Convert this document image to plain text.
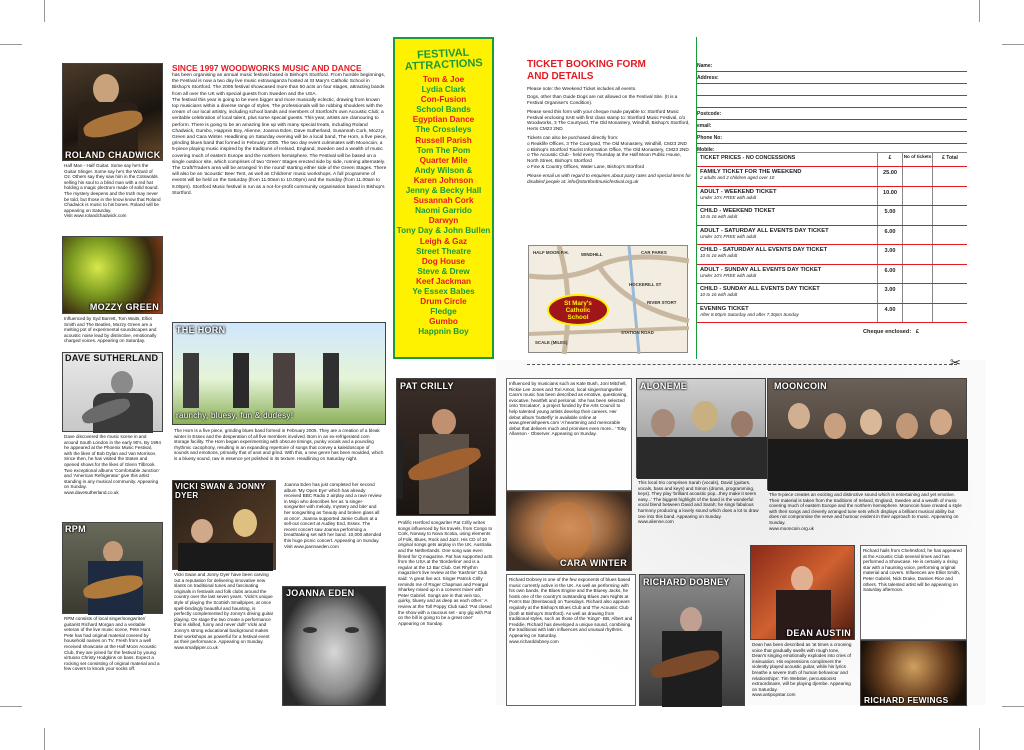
ROLAND CHADWICK
Half Man - Half Guitar. Some say he's the Guitar Slinger. Some say he's the Wizard of Oz. Others say they saw him in the Cotswolds selling his soul to a blind man with a red hat holding a magic plectrum made of solid sound. The mystery deepens and the truth may never be told, but those in the know know that Roland Chadwick is music to his bones. Roland will be appearing on Saturday.
Visit www.rolandchadwick.com
MOZZY GREEN
Influenced by Syd Barrett, Tom Waits, Elliot Smith and The Beatles, Mozzy Green are a melting pot of experimental soundscapes and acoustic noise lead by distinctive, emotionally charged voices. Appearing on Saturday.
DAVE SUTHERLAND
Dave discovered the music scene in and around South London in the early 90's. By 1994 he appeared at the Phoenix Music Festival, with the likes of Bob Dylan and Van Morrison. Since then, he has visited the States and opened shows for the likes of Glenn Tilbrook. Two exceptional albums 'Comfortable Junction' and 'American Refrigerator' give this artist standing in any musical community. Appearing on Sunday.
www.davesutherland.co.uk
RPM
RPM consists of local singer/songwriter/ guitarist Richard Morgan and a veritable veteran of the live music scene, Pete Hunt. Pete has had original material covered by household names on TV. Fresh from a well received showcase at the Half Moon Acoustic Club, they are joined for the festival by young virtuoso Christy Hodgkins on bass. Expect a rocking set consisting of original material and a few covers to knock your socks off.
SINCE 1997 WOODWORKS MUSIC AND DANCE
has been organising an annual music festival based in Bishop's Stortford. From humble beginnings, the Festival is now a two day live music extravaganza hosted at St Mary's Catholic School in Bishop's Stortford. The 2005 festival showcased more than 50 acts on four stages, attracting bands from all over the UK with special guests from Sweden and the USA.
The festival this year is going to be even bigger and more musically eclectic, drawing from known top musicians within a diverse range of styles. The professionals will be rubbing shoulders with the cream of our local artistry, including school bands and members of Stortford's own Acoustic Club; a veritable celebration of local talent, plus some special guests. This year, artists are clamouring to perform. There is going to be an amazing line up with many special treats, including Roland Chadwick, Gumbo, Happnin Boy, Alienne, Joanna Eden, Dave Sutherland, Susannah Cork, Mozzy Green and Cara Winter. Headlining on Saturday evening will be a local band, The Horn, a five piece, grinding blues band that formed in February 2005. The two day event culminates with Mooncoin, a 5-piece playing music inspired by the traditions of Ireland, England, Sweden and a wealth of music covering much of eastern Europe and the northern hemisphere. The Festival will be based on a single outdoor site, which comprises of two 'Green' Stages erected side by side, running alternately. The Craft/Traders area will be arranged 'in the round' starting either side of the Green Stages. There will also be an 'acoustic' Beer Tent, as well as Childrens' music workshops. A full programme of events will be held on the Saturday (from 11.00am to 10.00pm) and the Sunday (from 11.00am to 9.00pm). Stortford Music festival is run as a not-for-profit community organisation based in Bishop's Stortford.
THE HORN
raunchy, bluesy, fun & dudesy!
The Horn is a five piece, grinding blues band formed in February 2005. They are a creation of a bleak winter in Essex and the desperation of all five members involved. Born in an ex-refrigerated corn storage facility. The Horn began experimenting with obscure timings, punky vocals and a pounding rhythmic cacophony, resulting in an expanding repertoire of songs that convey a kaleidoscope of sounds and emotions, primarily that of anxt and grind. With this, a new genre has been moulded, which is a bluesy sound, raw in essence yet polished in its texture. Headlining on Saturday night.
VICKI SWAN & JONNY DYER
Vicki Swan and Jonny Dyer have been carving out a reputation for delivering innovative new slants on traditional tunes and fascinating originals in festivals and folk clubs around the country over the last seven years. 'Vicki's unique style of playing the Scottish Smallpipes, at once spell-bindingly beautiful and haunting, is perfectly complemented by Jonny's driving guitar playing. On stage the two create a performance that is skilled, funny and never dull!' Vicki and Jonny's strong educational background makes their workshops as powerful for a festival event as their performance. Appearing on Sunday.
www.smallpiper.co.uk
Joanna Eden has just completed her second album 'My Open Eye' which has already received BBC Radio 2 airplay and a rave review in Mojo who describes her as 'a singer-songwriter with melody, mystery and bite' and her songwriting as 'beauty and broken glass all at once'. Joanna supported Jamie Cullum at a sell-out concert at Audley End, Essex. The recent concert saw Joanna performing a breathtaking set with her band. 10,000 attended this huge picnic concert. Appearing on Sunday.
Visit www.joannaeden.com
JOANNA EDEN
FESTIVAL
ATTRACTIONS
Tom & Joe
Lydia Clark
Con-Fusion
School Bands
Egyptian Dance
The Crossleys
Russell Parish
Tom The Pom
Quarter Mile
Andy Wilson &
Karen Johnson
Jenny & Becky Hall
Susannah Cork
Naomi Garrido
Darwyn
Tony Day & John Bullen
Leigh & Gaz
Street Theatre
Dog House
Steve & Drew
Keef Jackman
Ye Essex Babes
Drum Circle
Fledge
Gumbo
Happnin Boy
PAT CRILLY
Prolific Hertford songwriter Pat Crilly writes songs influenced by his travels, from Congo to Cork, Norway to Nova Scotia, using elements of Folk, Blues, Rock and Jazz. His CD of 10 original songs gets airplay in the UK, Australia and the Netherlands. One song was even filmed for Q magazine. Pat has supported acts from the USA at the 'Borderline' and is a regular at the 12 Bar Club. Get Rhythm magazine's live review at the 'Kashmir' Club said: 'A great live act. Singer Patrick Crilly reminds me of Roger Chapman and Feargal Sharkey mixed up in a convent mixer with Peter Gabriel. Songs are in that vein too, quirky, bluesy and as deep as each other.' A review at the Toll Poppy Club said: 'Pat closed the show with a raucous set - any gig with Pat on the bill is going to be a great one!' Appearing on Sunday.
TICKET BOOKING FORM
AND DETAILS
Please note: the Weekend Ticket includes all events.
Dogs, other than Guide Dogs are not allowed on the Festival Site. (It is a Festival Organiser's Condition).
Please send this form with your cheque made payable to: Stortford Music Festival enclosing SAE with first class stamp to: Stortford Music Festival, c/o Woodworks, 3 The Courtyard, The Old Monastery, Windhill, Bishop's Stortford, Herts CM23 2ND
Tickets can also be purchased directly from:
o Reaklife Offices, 3 The Courtyard, The Old Monastery, Windhill, CM23 2ND
o Bishop's Stortford Tourist Information Office, The Old Monastery, CM23 2ND
o The Acoustic Club - held every Thursday at the Half Moon Public House, North Street, Bishop's Stortford
o Fine & Country Offices, Water Lane, Bishop's Stortford
Please email us with regard to enquiries about party rates and special items for disabled people at: info@stortfordmusicfestival.org.uk
HALF MOON P.H.	WINDHILL
HOCKERILL ST
STATION ROAD
CAR PARKS
RIVER STORT
SCALE (MILES)
St Mary's Catholic School
Name:
Address:
Postcode:
email:
Phone No:
Mobile:
TICKET PRICES - NO CONCESSIONS	£	No of tickets	£ Total
FAMILY TICKET FOR THE WEEKEND
2 adults and 2 children aged over 10
25.00
ADULT - WEEKEND TICKET
Under 10's FREE with adult
10.00
CHILD - WEEKEND TICKET
10 to 16 with adult
5.00
ADULT - SATURDAY ALL EVENTS DAY TICKET
Under 10's FREE with adult
6.00
CHILD - SATURDAY ALL EVENTS DAY TICKET
10 to 16 with adult
3.00
ADULT - SUNDAY ALL EVENTS DAY TICKET
Under 10's FREE with adult
6.00
CHILD - SUNDAY ALL EVENTS DAY TICKET
10 to 16 with adult
3.00
EVENING TICKET
After 8.00pm Saturday and after 7.30pm Sunday
4.00
Cheque enclosed: £
✂
Influenced by musicians such as Kate Bush, Joni Mitchell, Rickie Lee Jones and Tori Amos, local singer/songwriter Cara's music has been described as emotive, questioning, evocative, heartfelt and personal. She has been selected onto 'Escalator', a project funded by the Arts Council to help talented young artists develop their careers. Her debut album 'butterfly' is available online at www.greenishpeers.com 'A heartening and memorable debut that delivers much and promises even more...' Toby Allanson - Observer. Appearing on Sunday.
CARA WINTER
ALONEME
This local trio comprises Sarah (vocals), David (guitars, vocals, bass and keys) and Simon (drums, programming, keys). They play 'brilliant acoustic pop...they make it seem easy...' The biggest highlight of the band is the wonderful vocal blend between David and Sarah; he sings fabulous harmony producing a lovely sound which does a lot to draw one into this band. Appearing on Sunday.
www.alienne.com
MOONCOIN
The 5-piece creates an exciting and distinctive sound which is entertaining and yet emotive. Their material is taken from the traditions of Ireland, England, Sweden and a wealth of music covering much of eastern Europe and the northern hemisphere. Mooncoin have created a style with their songs and cleverly arranged tune sets which displays a brilliant musical ability but does not compromise the verve and humour evident in their approach to music. Appearing on Sunday.
www.mooncoin.org.uk
Richard Dobney is one of the few exponents of blues based music currently active in the UK. As well as performing with his own bands, the Blues Engine and the Bluesy Jacks, he hosts one of the country's outstanding Blues Jam Nights at Pom's Bar (Brentwood) on Tuesdays. Richard also appears regularly at the Bishop's Blues Club and The Acoustic Club (both at Bishop's Stortford). As well as drawing from traditional styles, such as those of the 'Kings'- BB, Albert and Freddie, Richard has developed a unique sound, combining the traditional with latin influences and unusual rhythms. Appearing on Saturday.
www.richarddobney.com
RICHARD DOBNEY
DEAN AUSTIN
Dean has been described as 'at times a crooning voice that gradually swells with rough tone, Dean's singing emotionally explodes into cries of insinuation. His expressions compliment the violently played acoustic guitar, while his lyrics breathe a severe truth of human behaviour and relationships'. Tim Webster, percussionist extraordinaire, will be playing djembe. Appearing on Saturday.
www.antipopstar.com
Richard hails from Chelmsford, he has appeared at the Acoustic Club several times and has performed a Showcase. He is certainly a rising star with a haunting voice, performing original material and covers. Influences are Elliot Smith, Peter Gabriel, Nick Drake, Damien Rice and others. This talented artist will be appearing on Saturday afternoon.
RICHARD FEWINGS
